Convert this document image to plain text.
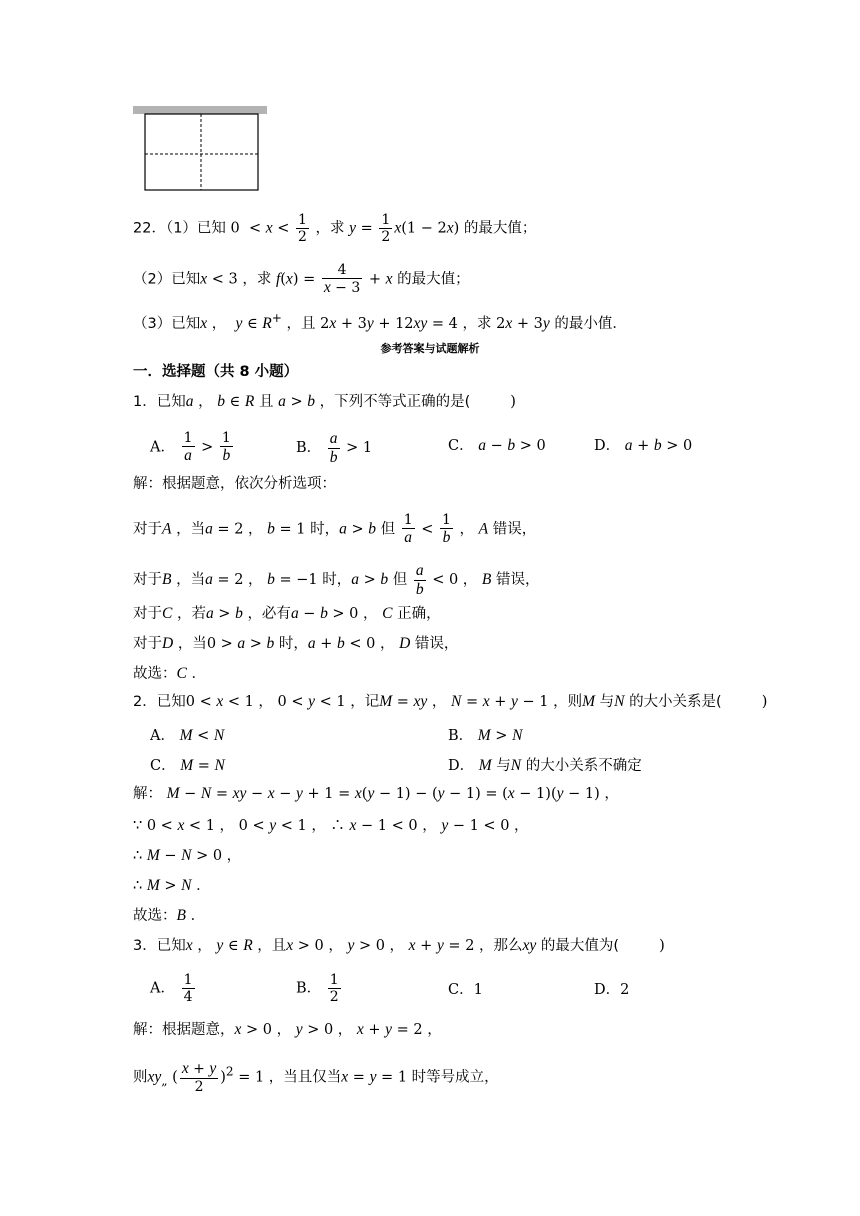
22．（1）已知 $0 < x < \frac{1}{2}$ ，求 $y = \frac{1}{2} x(1 - 2x)$ 的最大值；
（2）已知x < 3 ，求 $f(x) = \frac{4}{x - 3} + x$ 的最大值；
（3）已知x ，  y ∈ R+ ，且 2x + 3y + 12xy = 4 ，求 2x + 3y 的最小值．
参考答案与试题解析
一．选择题（共 8 小题）
1．已知a ， b ∈ R 且 a > b ，下列不等式正确的是(	)
A． $\frac{1}{a} > \frac{1}{b}$	B． $\frac{a}{b} > 1$	C． a − b > 0	D． a + b > 0
解：根据题意，依次分析选项：
对于A ，当a = 2 ， b = 1 时，a > b 但 $\frac{1}{a} < \frac{1}{b}$ ， A 错误，
对于B ，当a = 2 ， b = −1 时，a > b 但 $\frac{a}{b} < 0$ ， B 错误，
对于C ，若a > b ，必有a − b > 0 ， C 正确，
对于D ，当0 > a > b 时，a + b < 0 ， D 错误，
故选：C ．
2．已知0 < x < 1 ， 0 < y < 1 ，记M = xy ， N = x + y − 1 ，则M 与N 的大小关系是(	)
A． M < N	B． M > N
C． M = N	D． M 与N 的大小关系不确定
解： M − N = xy − x − y + 1 = x(y − 1) − (y − 1) = (x − 1)(y − 1) ，
∵ 0 < x < 1 ， 0 < y < 1 ， ∴ x − 1 < 0 ， y − 1 < 0 ，
∴ M − N > 0 ，
∴ M > N ．
故选：B ．
3．已知x ， y ∈ R ，且x > 0 ， y > 0 ， x + y = 2 ，那么xy 的最大值为(	)
A． $\frac{1}{4}$	B． $\frac{1}{2}$	C．1	D．2
解：根据题意，x > 0 ， y > 0 ， x + y = 2 ，
则$xy_„$ ( $\frac{x + y}{2} )^2 = 1$ ，当且仅当x = y = 1 时等号成立，
